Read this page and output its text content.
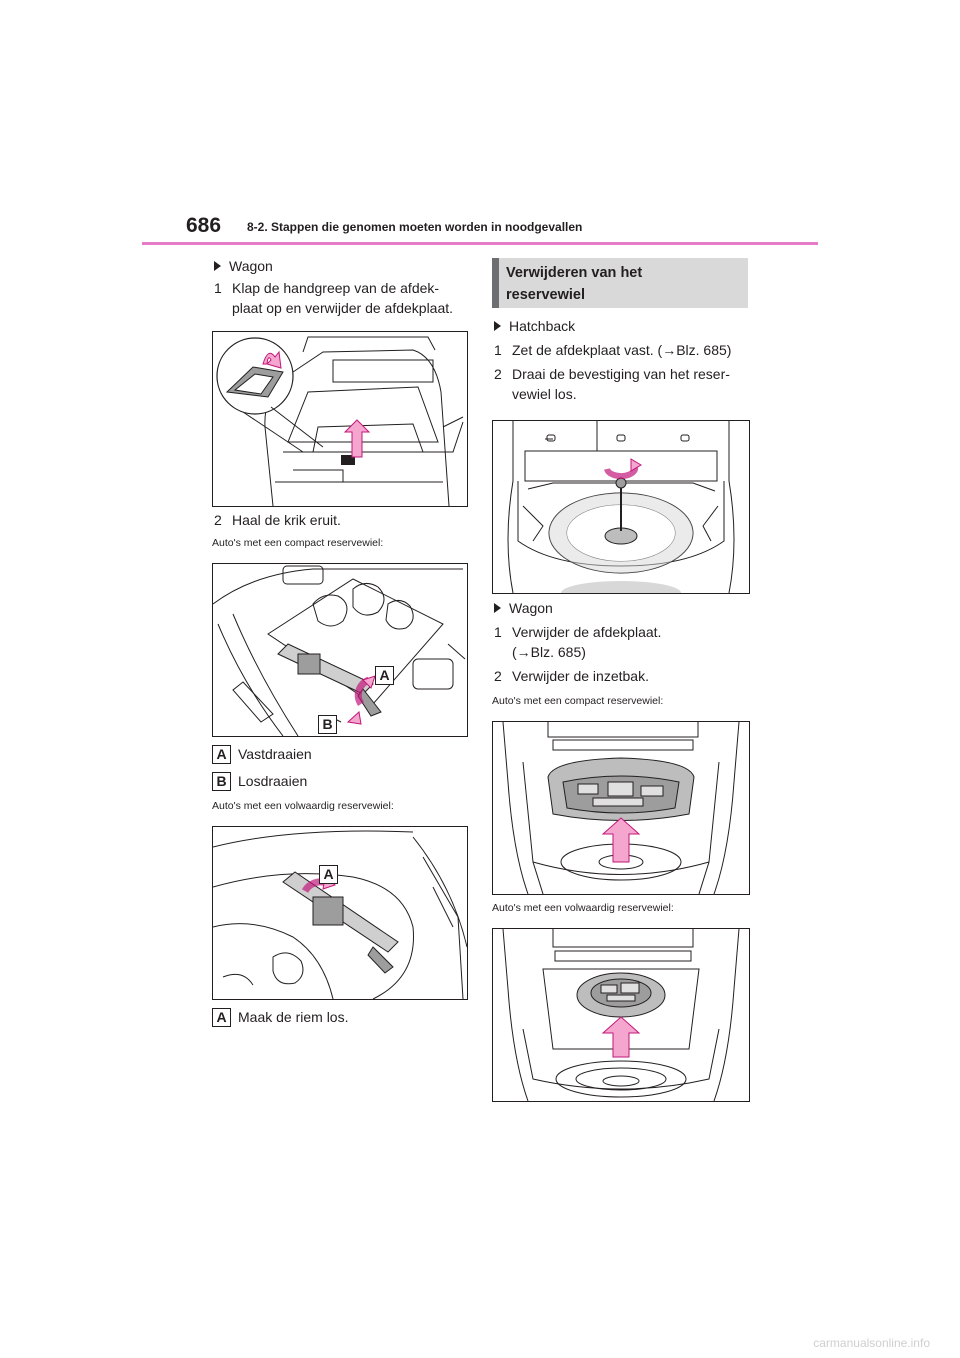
686 8-2. Stappen die genomen moeten worden in noodgevallen
Wagon
1 Klap de handgreep van de afdek-
plaat op en verwijder de afdekplaat.
2 Haal de krik eruit.
Auto's met een compact reservewiel:
A
B
A Vastdraaien
B Losdraaien
Auto's met een volwaardig reservewiel:
A
A Maak de riem los.
Verwijderen van het
reservewiel
Hatchback
1 Zet de afdekplaat vast. (→Blz. 685)
2 Draai de bevestiging van het reser-
vewiel los.
Wagon
1 Verwijder de afdekplaat.
(→Blz. 685)
2 Verwijder de inzetbak.
Auto's met een compact reservewiel:
Auto's met een volwaardig reservewiel:
carmanualsonline.info
